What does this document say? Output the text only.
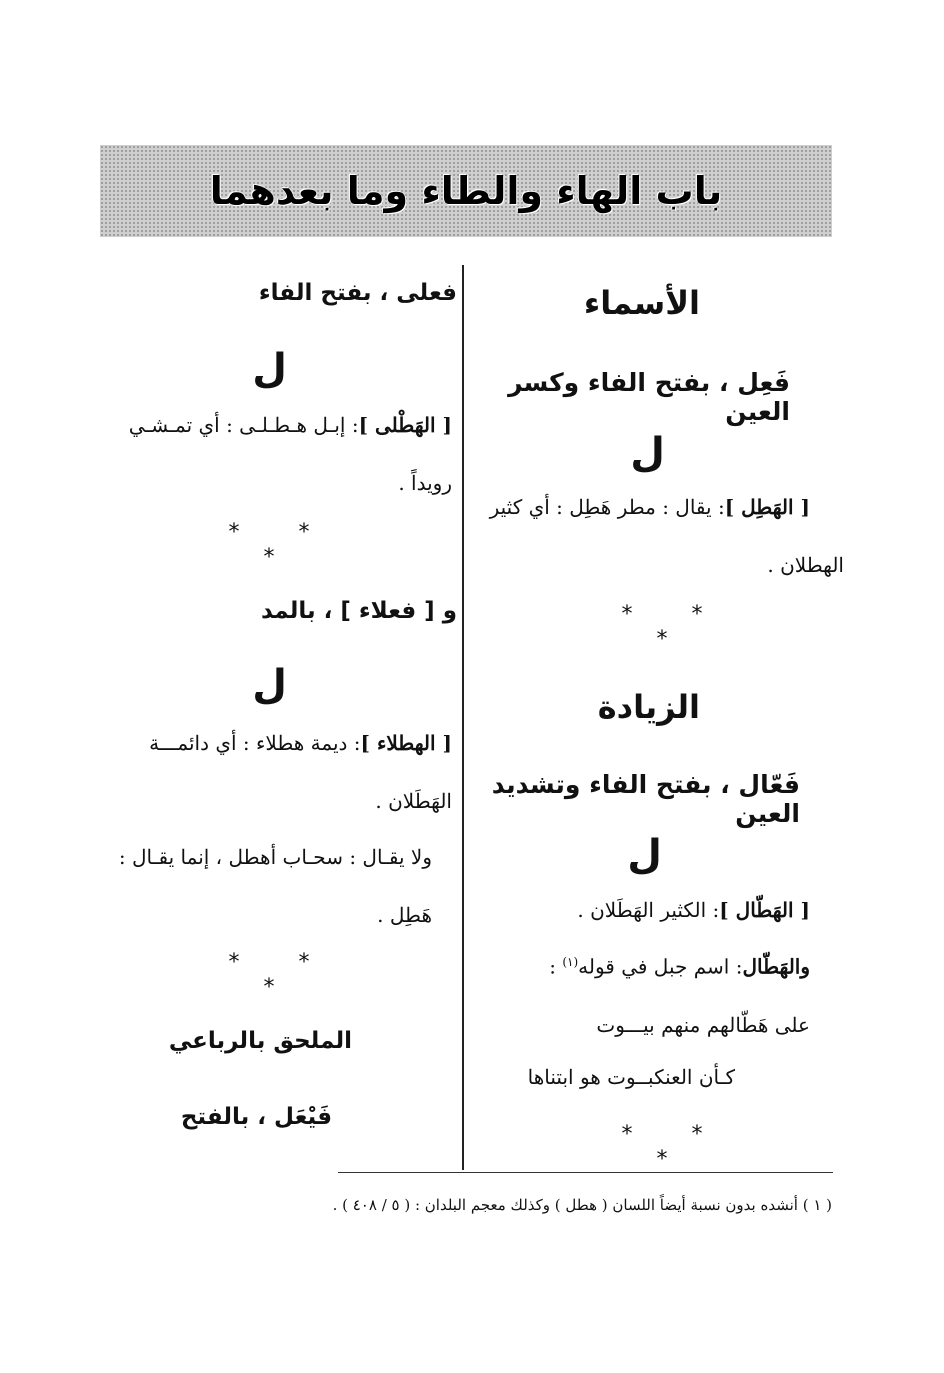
باب الهاء والطاء وما بعدهما
الأسماء
فَعِل ، بفتح الفاء وكسر العين
ل
[ الهَطِل ]: يقال : مطر هَطِل : أي كثير
الهطلان .
* * *
الزيادة
فَعّال ، بفتح الفاء وتشديد العين
ل
[ الهَطّال ]: الكثير الهَطَلان .
والهَطّال: اسم جبل في قوله$^{(١)}$ :
على هَطّالهم منهم بيـــوت
كـأن العنكبــوت هو ابتناها
* * *
فعلى ، بفتح الفاء
ل
[ الهَطْلى ]: إبـل هـطـلـى : أي تمـشـي
رويداً .
* * *
و [ فعلاء ] ، بالمد
ل
[ الهطلاء ]: ديمة هطلاء : أي دائمـــة
الهَطَلان .
ولا يقـال : سحـاب أهطل ، إنما يقـال :
هَطِل .
* * *
الملحق بالرباعي
فَيْعَل ، بالفتح
( ١ ) أنشده بدون نسبة أيضاً اللسان ( هطل ) وكذلك معجم البلدان : ( ٥ / ٤٠٨ ) .
